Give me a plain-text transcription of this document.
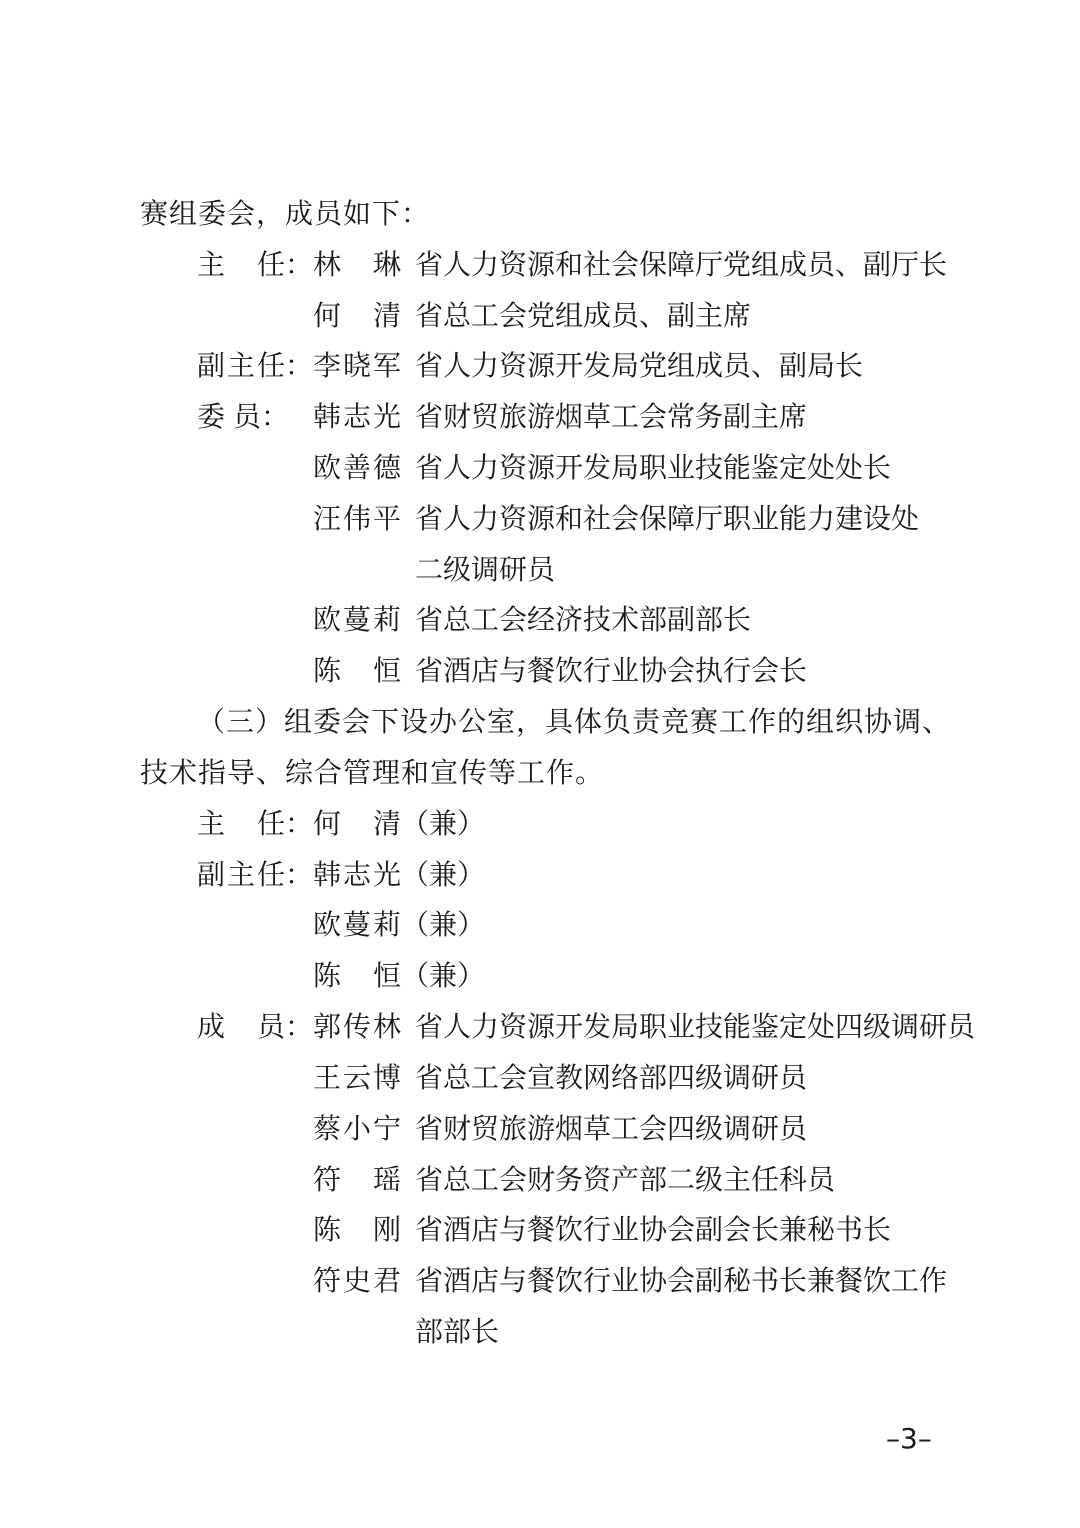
赛组委会，成员如下：
主任： 林琳 省人力资源和社会保障厅党组成员、副厅长
何清 省总工会党组成员、副主席
副主任： 李晓军 省人力资源开发局党组成员、副局长
委员： 韩志光 省财贸旅游烟草工会常务副主席
欧善德 省人力资源开发局职业技能鉴定处处长
汪伟平 省人力资源和社会保障厅职业能力建设处
二级调研员
欧蔓莉 省总工会经济技术部副部长
陈恒 省酒店与餐饮行业协会执行会长
（三）组委会下设办公室，具体负责竞赛工作的组织协调、
技术指导、综合管理和宣传等工作。
主任： 何清 （兼）
副主任： 韩志光 （兼）
欧蔓莉 （兼）
陈恒 （兼）
成员： 郭传林 省人力资源开发局职业技能鉴定处四级调研员
王云博 省总工会宣教网络部四级调研员
蔡小宁 省财贸旅游烟草工会四级调研员
符瑶 省总工会财务资产部二级主任科员
陈刚 省酒店与餐饮行业协会副会长兼秘书长
符史君 省酒店与餐饮行业协会副秘书长兼餐饮工作
部部长
–3–
